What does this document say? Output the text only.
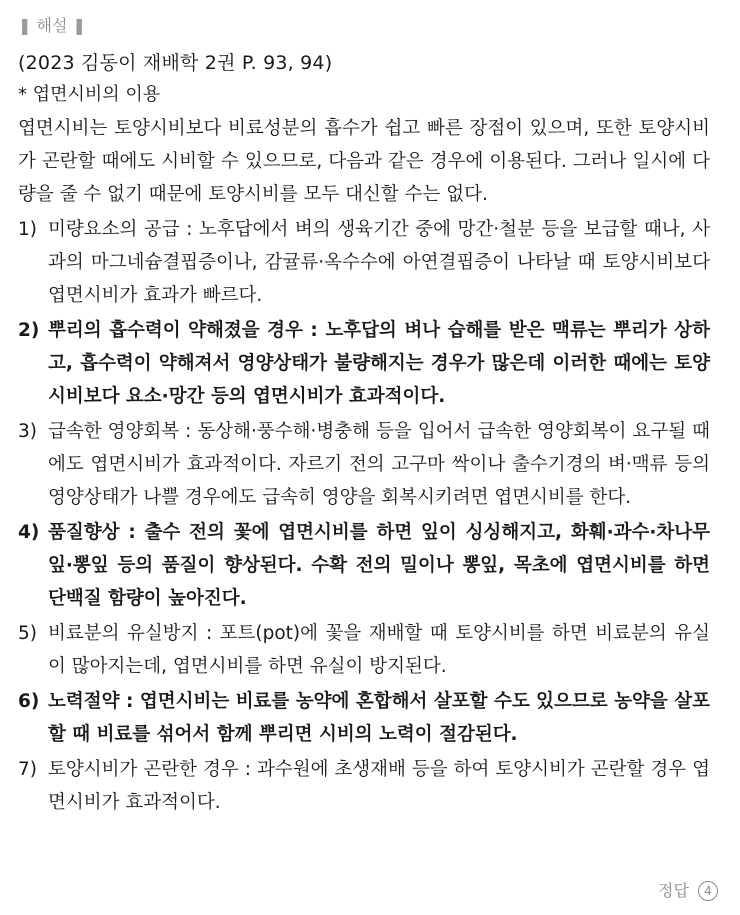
❚ 해설 ❚
(2023 김동이 재배학 2권 P. 93, 94)
* 엽면시비의 이용
엽면시비는 토양시비보다 비료성분의 흡수가 쉽고 빠른 장점이 있으며, 또한 토양시비가 곤란할 때에도 시비할 수 있으므로, 다음과 같은 경우에 이용된다. 그러나 일시에 다량을 줄 수 없기 때문에 토양시비를 모두 대신할 수는 없다.
1) 미량요소의 공급 : 노후답에서 벼의 생육기간 중에 망간·철분 등을 보급할 때나, 사과의 마그네슘결핍증이나, 감귤류·옥수수에 아연결핍증이 나타날 때 토양시비보다 엽면시비가 효과가 빠르다.
2) 뿌리의 흡수력이 약해졌을 경우 : 노후답의 벼나 습해를 받은 맥류는 뿌리가 상하고, 흡수력이 약해져서 영양상태가 불량해지는 경우가 많은데 이러한 때에는 토양시비보다 요소·망간 등의 엽면시비가 효과적이다.
3) 급속한 영양회복 : 동상해·풍수해·병충해 등을 입어서 급속한 영양회복이 요구될 때에도 엽면시비가 효과적이다. 자르기 전의 고구마 싹이나 출수기경의 벼·맥류 등의 영양상태가 나쁠 경우에도 급속히 영양을 회복시키려면 엽면시비를 한다.
4) 품질향상 : 출수 전의 꽃에 엽면시비를 하면 잎이 싱싱해지고, 화훼·과수·차나무 잎·뽕잎 등의 품질이 향상된다. 수확 전의 밀이나 뽕잎, 목초에 엽면시비를 하면 단백질 함량이 높아진다.
5) 비료분의 유실방지 : 포트(pot)에 꽃을 재배할 때 토양시비를 하면 비료분의 유실이 많아지는데, 엽면시비를 하면 유실이 방지된다.
6) 노력절약 : 엽면시비는 비료를 농약에 혼합해서 살포할 수도 있으므로 농약을 살포할 때 비료를 섞어서 함께 뿌리면 시비의 노력이 절감된다.
7) 토양시비가 곤란한 경우 : 과수원에 초생재배 등을 하여 토양시비가 곤란할 경우 엽면시비가 효과적이다.
정답 4
